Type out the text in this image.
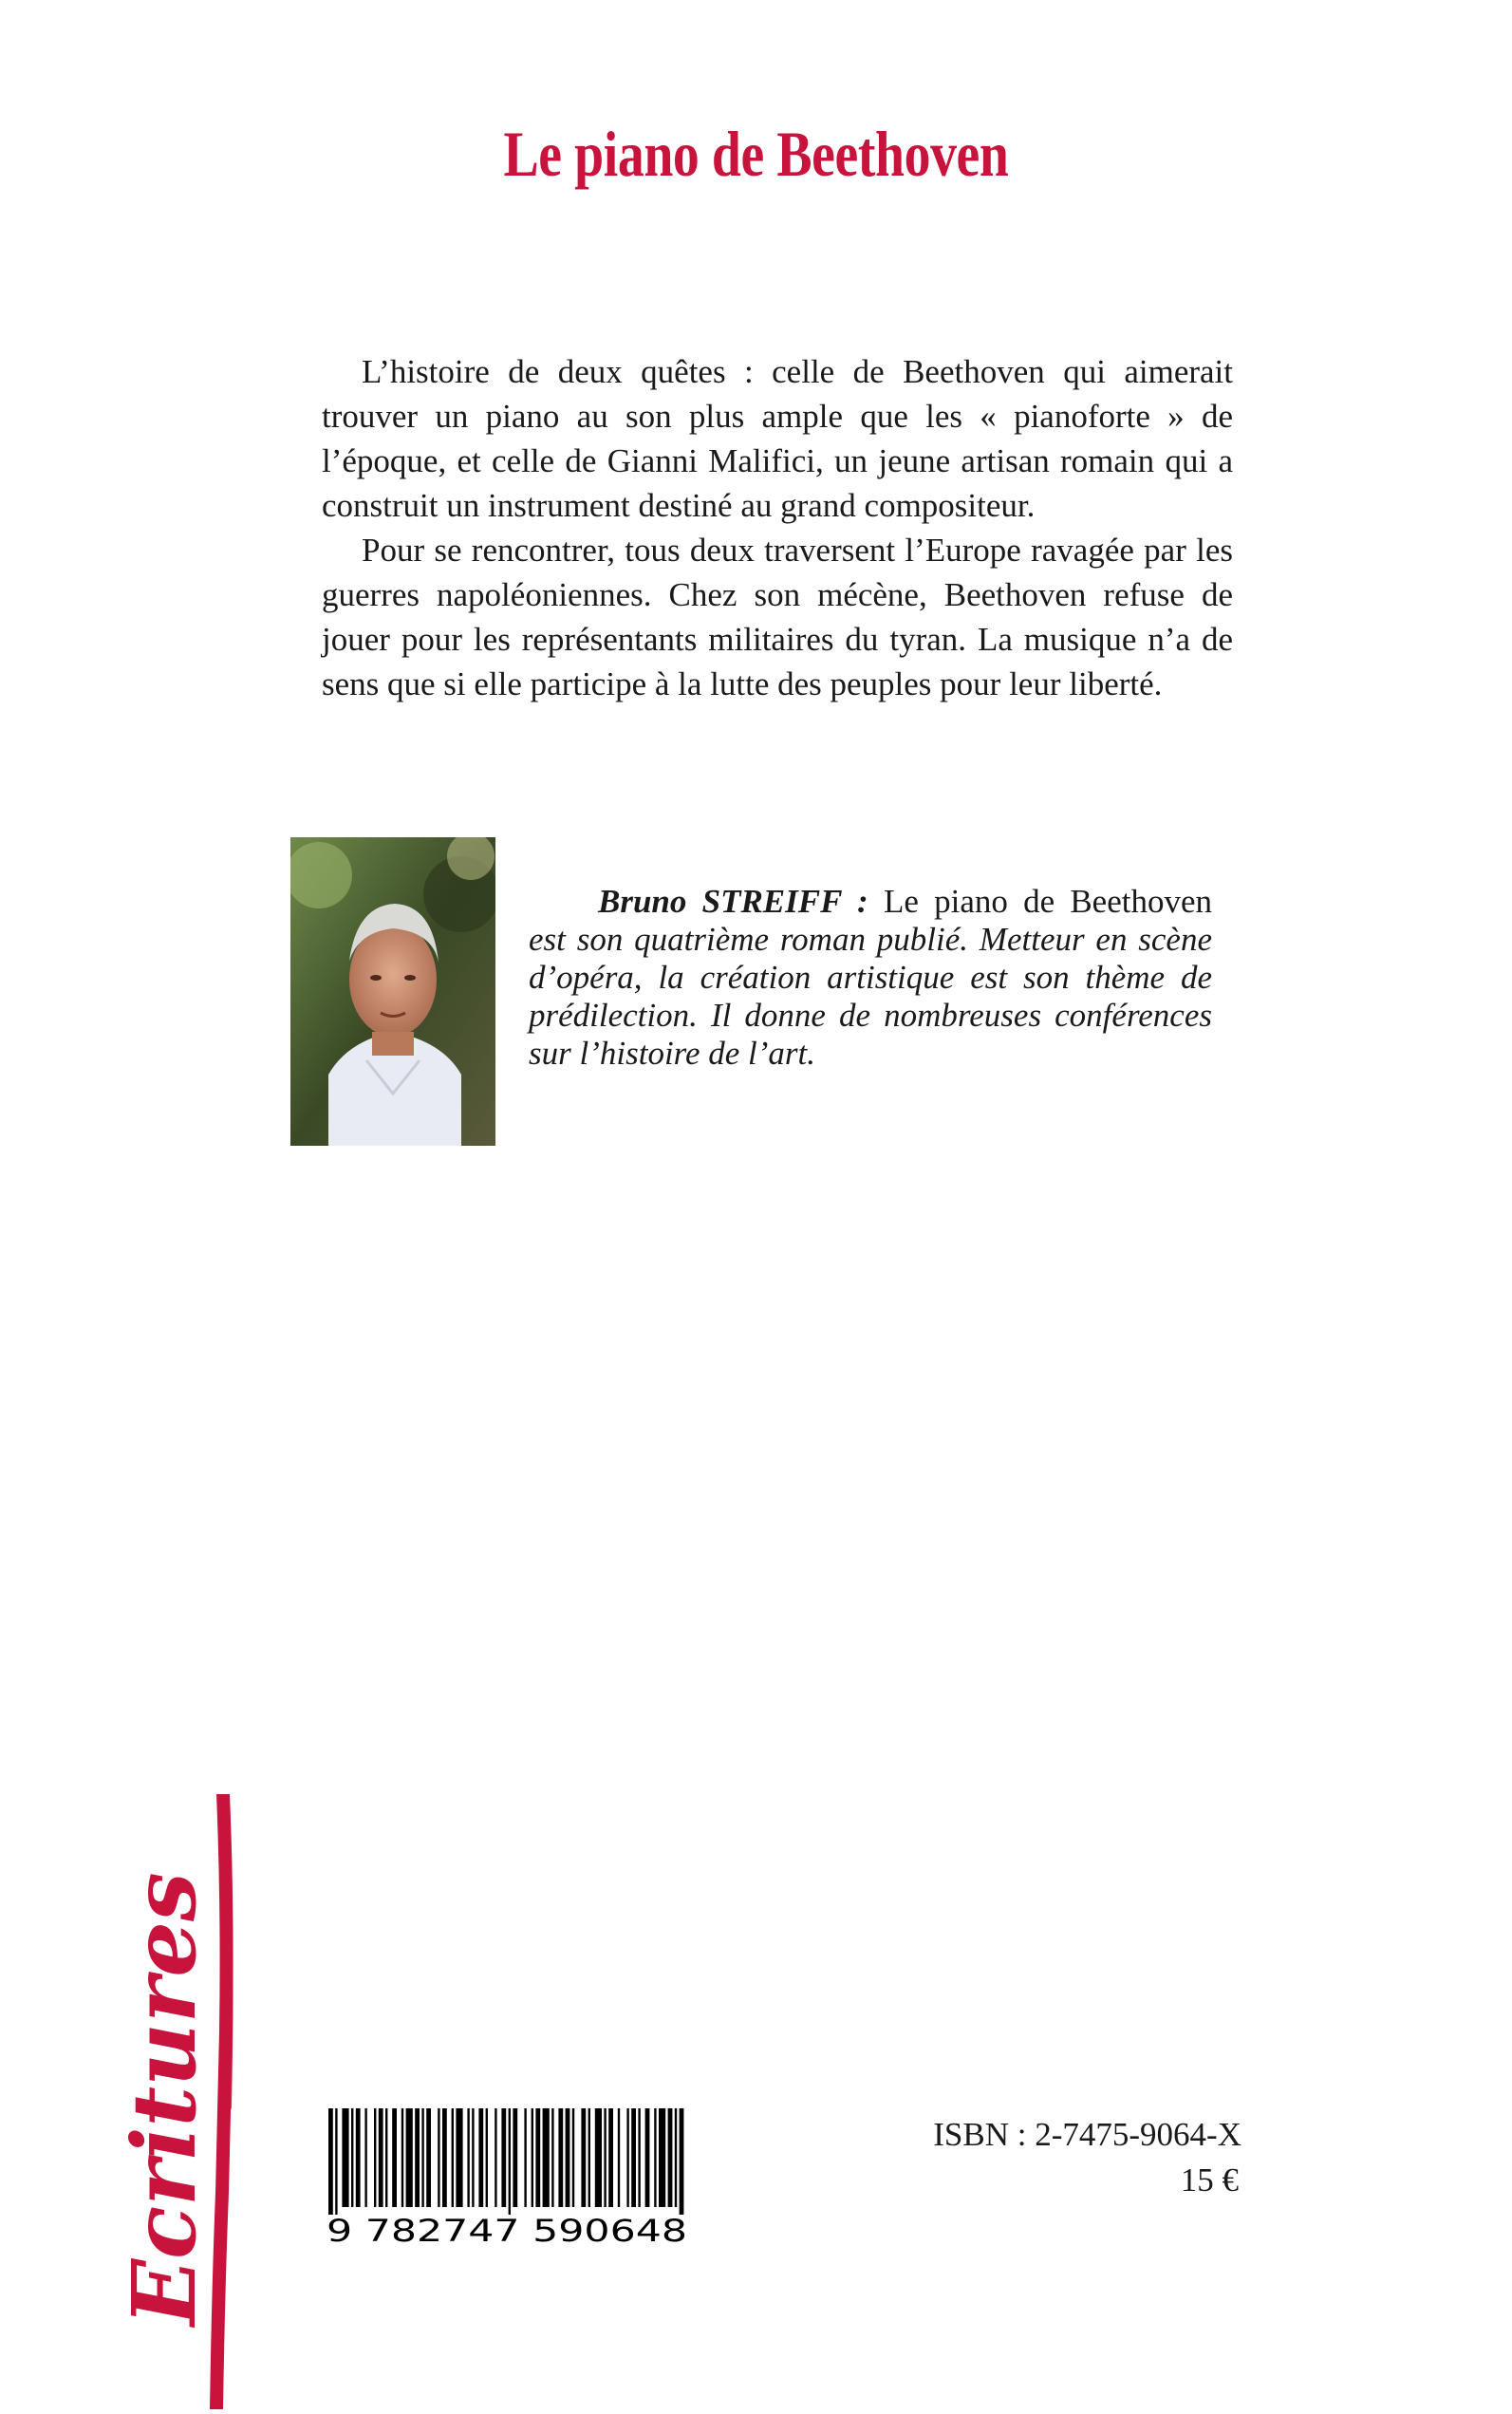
Le piano de Beethoven

L’histoire de deux quêtes : celle de Beethoven qui aimerait trouver un piano au son plus ample que les « pianoforte » de l’époque, et celle de Gianni Malifici, un jeune artisan romain qui a construit un instrument destiné au grand compositeur.

Pour se rencontrer, tous deux traversent l’Europe ravagée par les guerres napoléoniennes. Chez son mécène, Beethoven refuse de jouer pour les représentants militaires du tyran. La musique n’a de sens que si elle participe à la lutte des peuples pour leur liberté.

Bruno STREIFF : Le piano de Beethoven est son quatrième roman publié. Metteur en scène d’opéra, la création artistique est son thème de prédilection. Il donne de nombreuses conférences sur l’histoire de l’art.

Ecritures	9 782747 590648
ISBN : 2-7475-9064-X
15 €
